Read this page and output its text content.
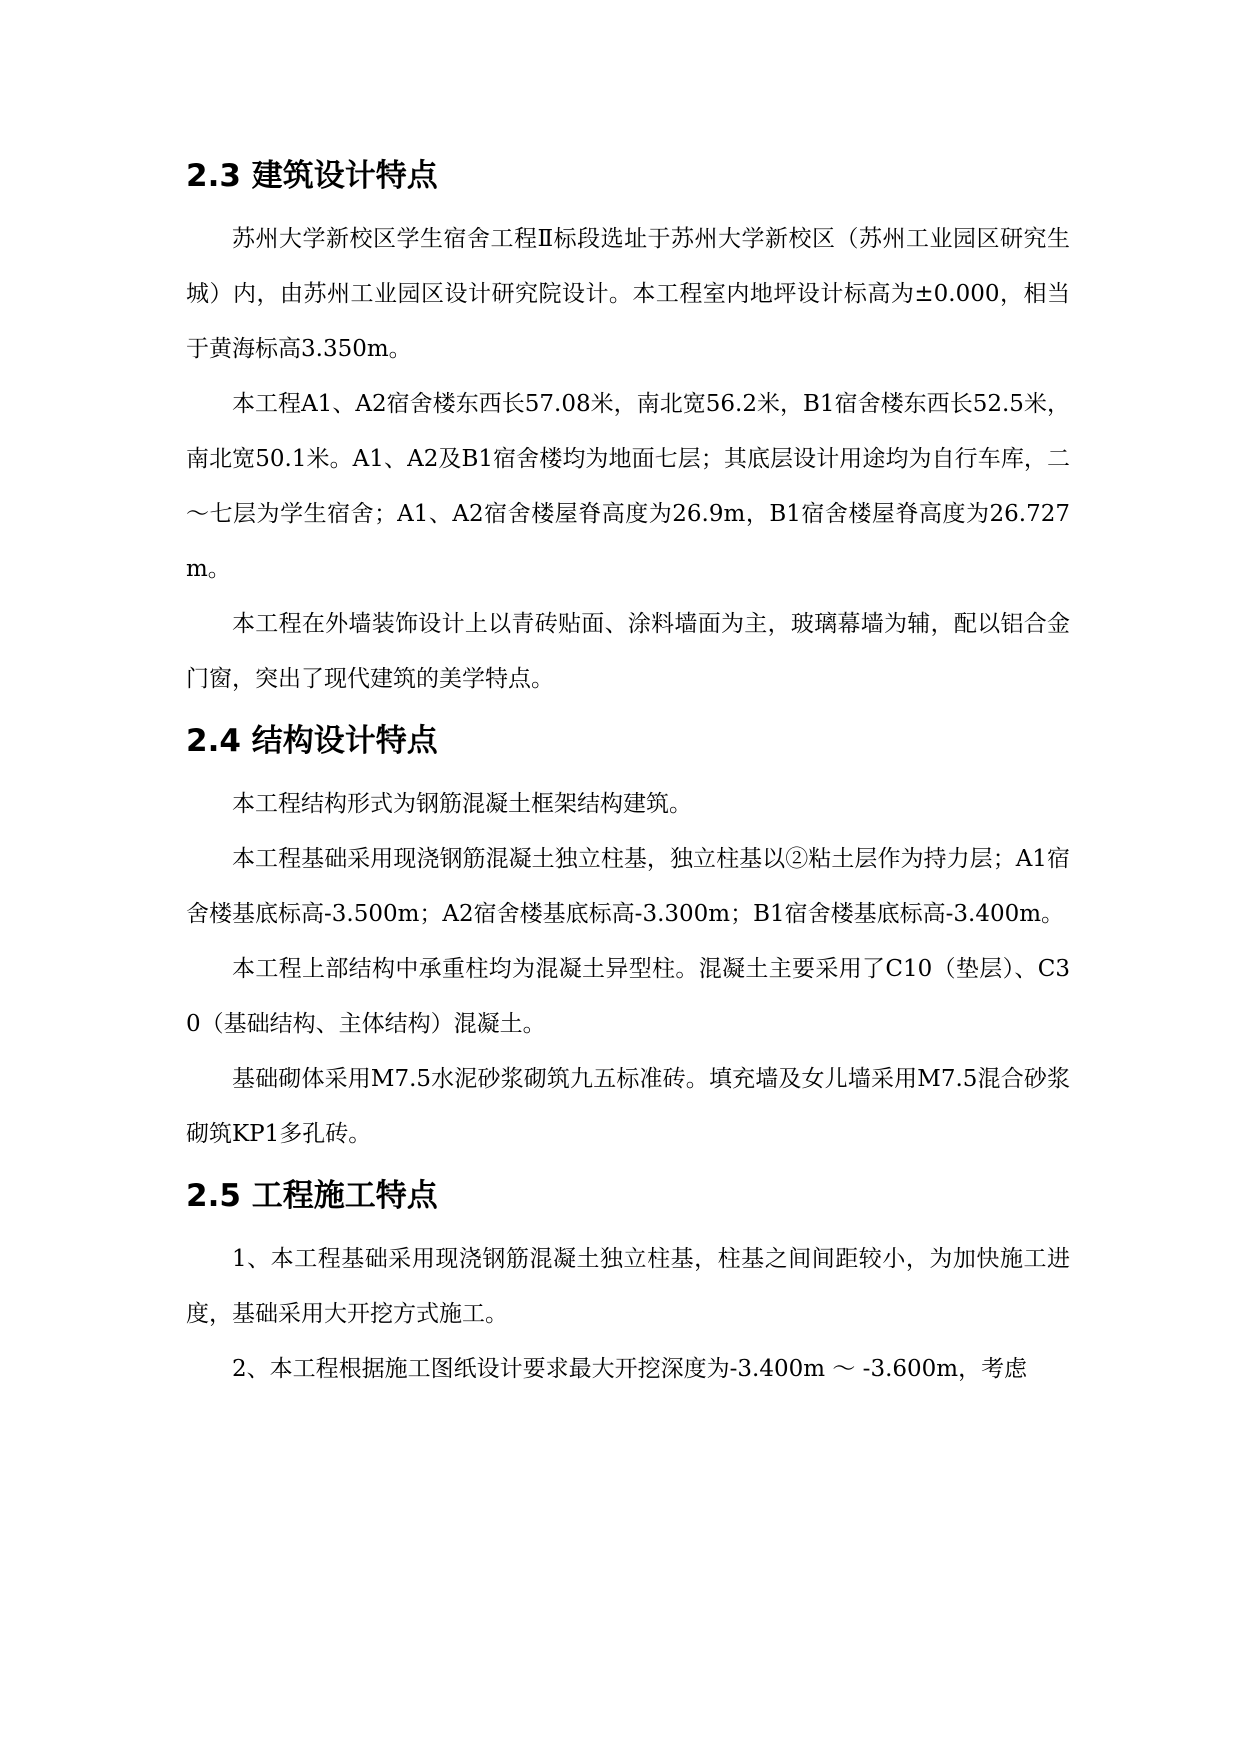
2.3 建筑设计特点

苏州大学新校区学生宿舍工程Ⅱ标段选址于苏州大学新校区（苏州工业园区研究生城）内，由苏州工业园区设计研究院设计。本工程室内地坪设计标高为±0.000，相当于黄海标高3.350m。

本工程A1、A2宿舍楼东西长57.08米，南北宽56.2米，B1宿舍楼东西长52.5米，南北宽50.1米。A1、A2及B1宿舍楼均为地面七层；其底层设计用途均为自行车库，二～七层为学生宿舍；A1、A2宿舍楼屋脊高度为26.9m，B1宿舍楼屋脊高度为26.727m。

本工程在外墙装饰设计上以青砖贴面、涂料墙面为主，玻璃幕墙为辅，配以铝合金门窗，突出了现代建筑的美学特点。

2.4 结构设计特点

本工程结构形式为钢筋混凝土框架结构建筑。

本工程基础采用现浇钢筋混凝土独立柱基，独立柱基以②粘土层作为持力层；A1宿舍楼基底标高-3.500m；A2宿舍楼基底标高-3.300m；B1宿舍楼基底标高-3.400m。

本工程上部结构中承重柱均为混凝土异型柱。混凝土主要采用了C10（垫层）、C30（基础结构、主体结构）混凝土。

基础砌体采用M7.5水泥砂浆砌筑九五标准砖。填充墙及女儿墙采用M7.5混合砂浆砌筑KP1多孔砖。

2.5 工程施工特点

1、本工程基础采用现浇钢筋混凝土独立柱基，柱基之间间距较小，为加快施工进度，基础采用大开挖方式施工。

2、本工程根据施工图纸设计要求最大开挖深度为-3.400m ～ -3.600m，考虑
